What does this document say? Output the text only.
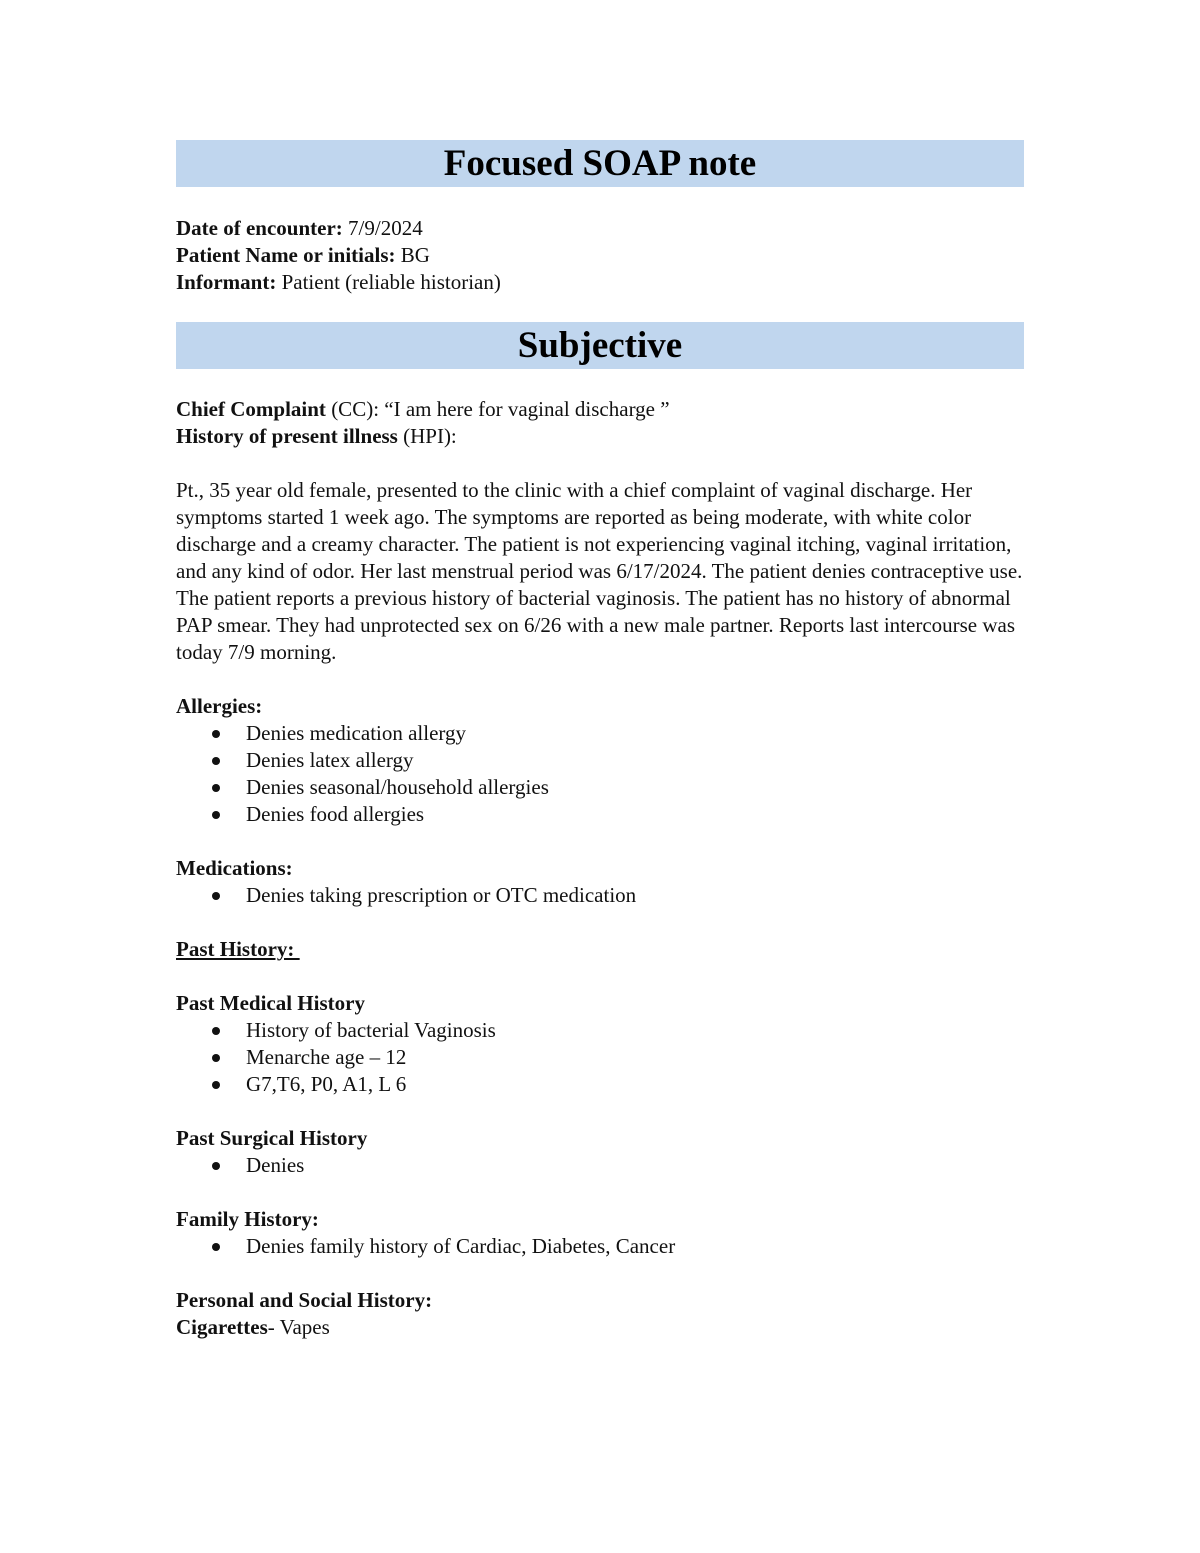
Focused SOAP note
Date of encounter: 7/9/2024
Patient Name or initials: BG
Informant: Patient (reliable historian)
Subjective
Chief Complaint (CC): “I am here for vaginal discharge ”
History of present illness (HPI):
Pt., 35 year old female, presented to the clinic with a chief complaint of vaginal discharge. Her symptoms started 1 week ago. The symptoms are reported as being moderate, with white color discharge and a creamy character. The patient is not experiencing vaginal itching, vaginal irritation, and any kind of odor. Her last menstrual period was 6/17/2024. The patient denies contraceptive use. The patient reports a previous history of bacterial vaginosis. The patient has no history of abnormal PAP smear. They had unprotected sex on 6/26 with a new male partner. Reports last intercourse was today 7/9 morning.
Allergies:
Denies medication allergy
Denies latex allergy
Denies seasonal/household allergies
Denies food allergies
Medications:
Denies taking prescription or OTC medication
Past History:
Past Medical History
History of bacterial Vaginosis
Menarche age – 12
G7,T6, P0, A1, L 6
Past Surgical History
Denies
Family History:
Denies family history of Cardiac, Diabetes, Cancer
Personal and Social History:
Cigarettes- Vapes
